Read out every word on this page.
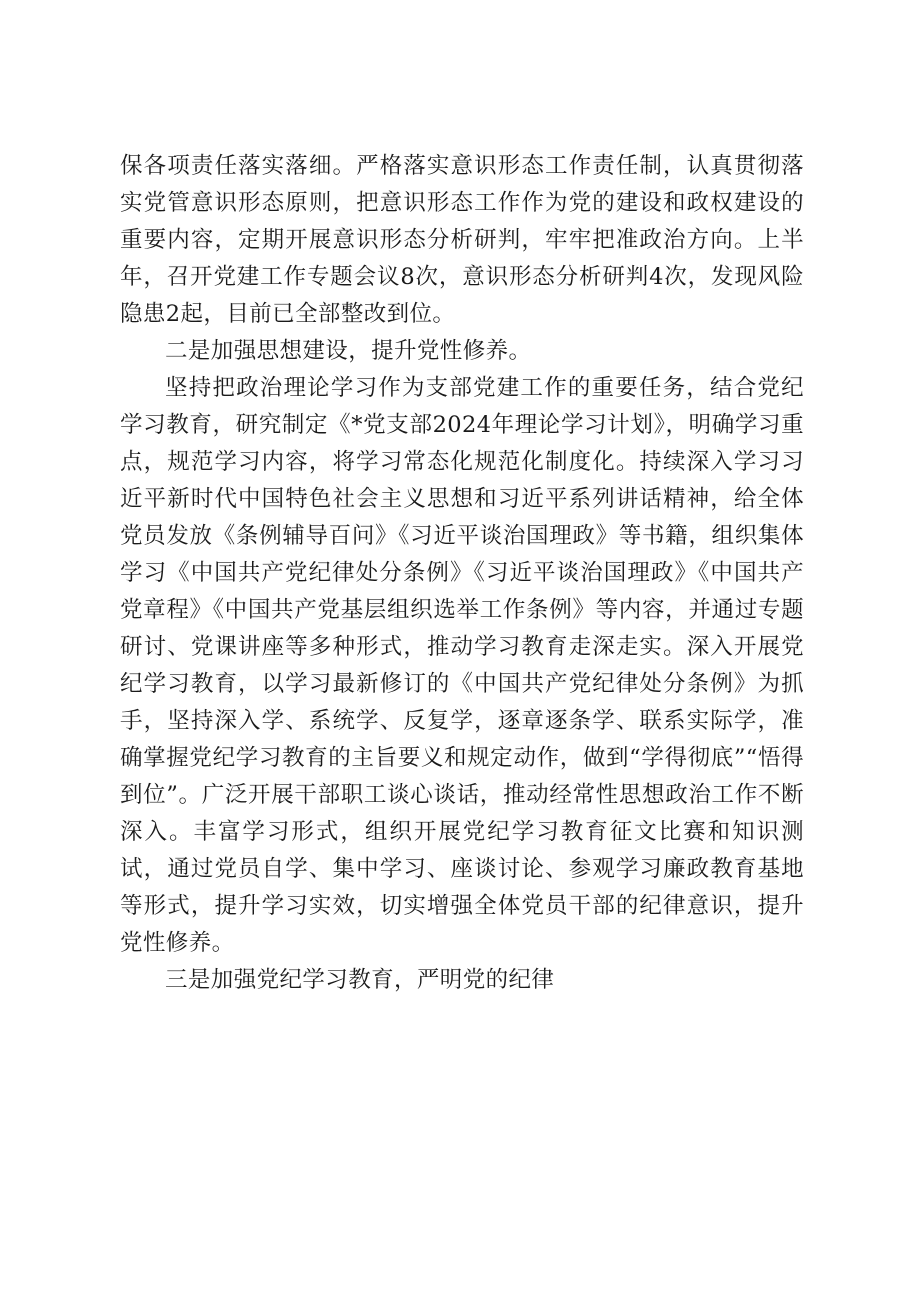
保各项责任落实落细。严格落实意识形态工作责任制，认真贯彻落实党管意识形态原则，把意识形态工作作为党的建设和政权建设的重要内容，定期开展意识形态分析研判，牢牢把准政治方向。上半年，召开党建工作专题会议8次，意识形态分析研判4次，发现风险隐患2起，目前已全部整改到位。

二是加强思想建设，提升党性修养。

坚持把政治理论学习作为支部党建工作的重要任务，结合党纪学习教育，研究制定《*党支部2024年理论学习计划》，明确学习重点，规范学习内容，将学习常态化规范化制度化。持续深入学习习近平新时代中国特色社会主义思想和习近平系列讲话精神，给全体党员发放《条例辅导百问》《习近平谈治国理政》等书籍，组织集体学习《中国共产党纪律处分条例》《习近平谈治国理政》《中国共产党章程》《中国共产党基层组织选举工作条例》等内容，并通过专题研讨、党课讲座等多种形式，推动学习教育走深走实。深入开展党纪学习教育，以学习最新修订的《中国共产党纪律处分条例》为抓手，坚持深入学、系统学、反复学，逐章逐条学、联系实际学，准确掌握党纪学习教育的主旨要义和规定动作，做到“学得彻底”“悟得到位”。广泛开展干部职工谈心谈话，推动经常性思想政治工作不断深入。丰富学习形式，组织开展党纪学习教育征文比赛和知识测试，通过党员自学、集中学习、座谈讨论、参观学习廉政教育基地等形式，提升学习实效，切实增强全体党员干部的纪律意识，提升党性修养。

三是加强党纪学习教育，严明党的纪律
